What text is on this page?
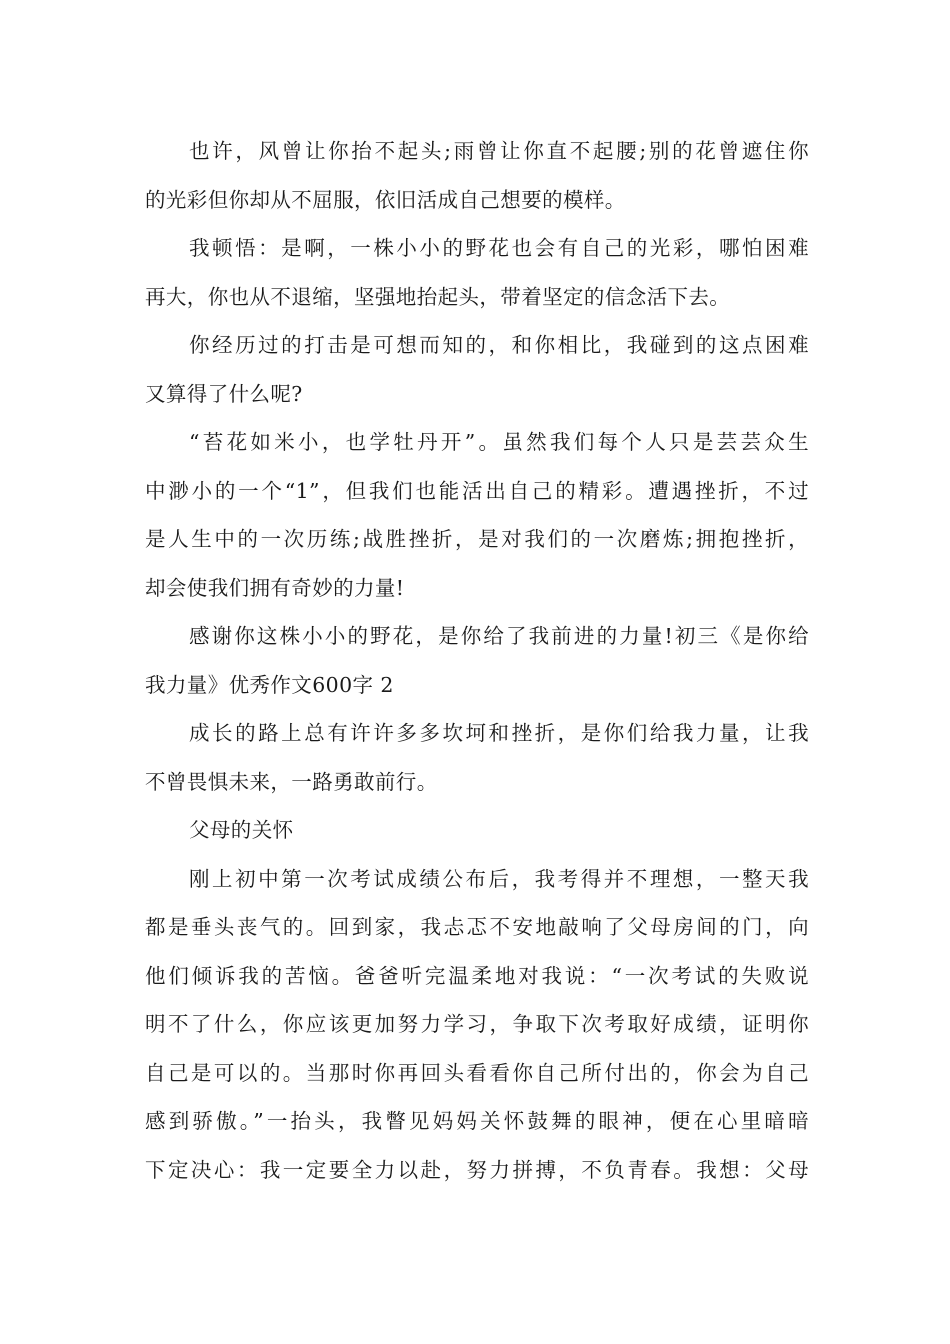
也许，风曾让你抬不起头;雨曾让你直不起腰;别的花曾遮住你
的光彩但你却从不屈服，依旧活成自己想要的模样。
我顿悟：是啊，一株小小的野花也会有自己的光彩，哪怕困难
再大，你也从不退缩，坚强地抬起头，带着坚定的信念活下去。
你经历过的打击是可想而知的，和你相比，我碰到的这点困难
又算得了什么呢?
“苔花如米小，也学牡丹开”。虽然我们每个人只是芸芸众生
中渺小的一个“1”，但我们也能活出自己的精彩。遭遇挫折，不过
是人生中的一次历练;战胜挫折，是对我们的一次磨炼;拥抱挫折，
却会使我们拥有奇妙的力量!
感谢你这株小小的野花，是你给了我前进的力量!初三《是你给
我力量》优秀作文600字 2
成长的路上总有许许多多坎坷和挫折，是你们给我力量，让我
不曾畏惧未来，一路勇敢前行。
父母的关怀
刚上初中第一次考试成绩公布后，我考得并不理想，一整天我
都是垂头丧气的。回到家，我忐忑不安地敲响了父母房间的门，向
他们倾诉我的苦恼。爸爸听完温柔地对我说：“一次考试的失败说
明不了什么，你应该更加努力学习，争取下次考取好成绩，证明你
自己是可以的。当那时你再回头看看你自己所付出的，你会为自己
感到骄傲。”一抬头，我瞥见妈妈关怀鼓舞的眼神，便在心里暗暗
下定决心：我一定要全力以赴，努力拼搏，不负青春。我想：父母
